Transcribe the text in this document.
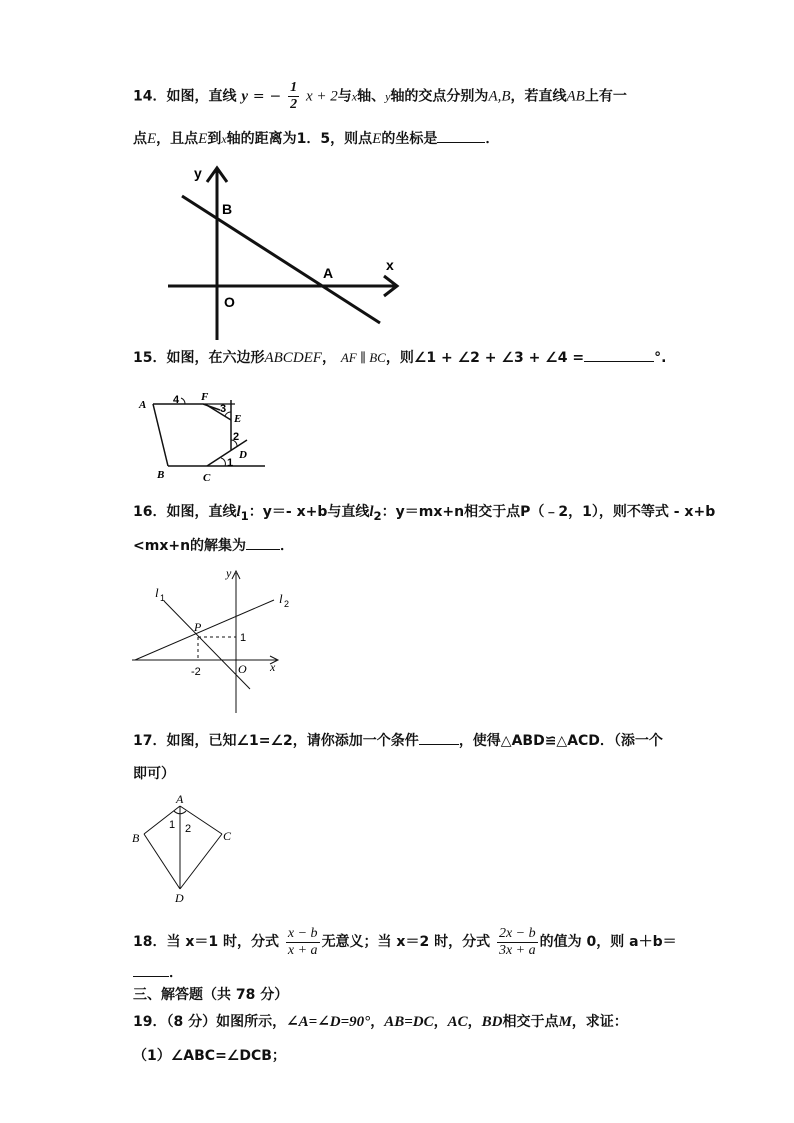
14．如图，直线 y = − $\frac{1}{2}$ x + 2与x轴、y轴的交点分别为A,B，若直线AB上有一
点E，且点E到x轴的距离为1．5，则点E的坐标是	．
y
B
x
A
O
15．如图，在六边形ABCDEF， AF ∥ BC，则∠1 + ∠2 + ∠3 + ∠4 =	°.
A 4 F
3
E
2
D
1
C
B
16．如图，直线$l_1$：y＝- x+b与直线$l_2$：y＝mx+n相交于点P（﹣2，1），则不等式 - x+b
<mx+n的解集为 ．
y
x
l 1	l 2
P
1
-2	O
17．如图，已知∠1=∠2，请你添加一个条件	，使得△ABD≌△ACD．（添一个
即可）
A
B	C
D
1 2
18．当 x＝1 时，分式 $\frac{x - b}{x + a}$ 无意义；当 x＝2 时，分式 $\frac{2x - b}{3x + a}$ 的值为 0，则 a＋b＝
．
三、解答题（共 78 分）
19．（8 分）如图所示，∠A=∠D=90°，AB=DC，AC，BD相交于点M，求证：
（1）∠ABC=∠DCB；
